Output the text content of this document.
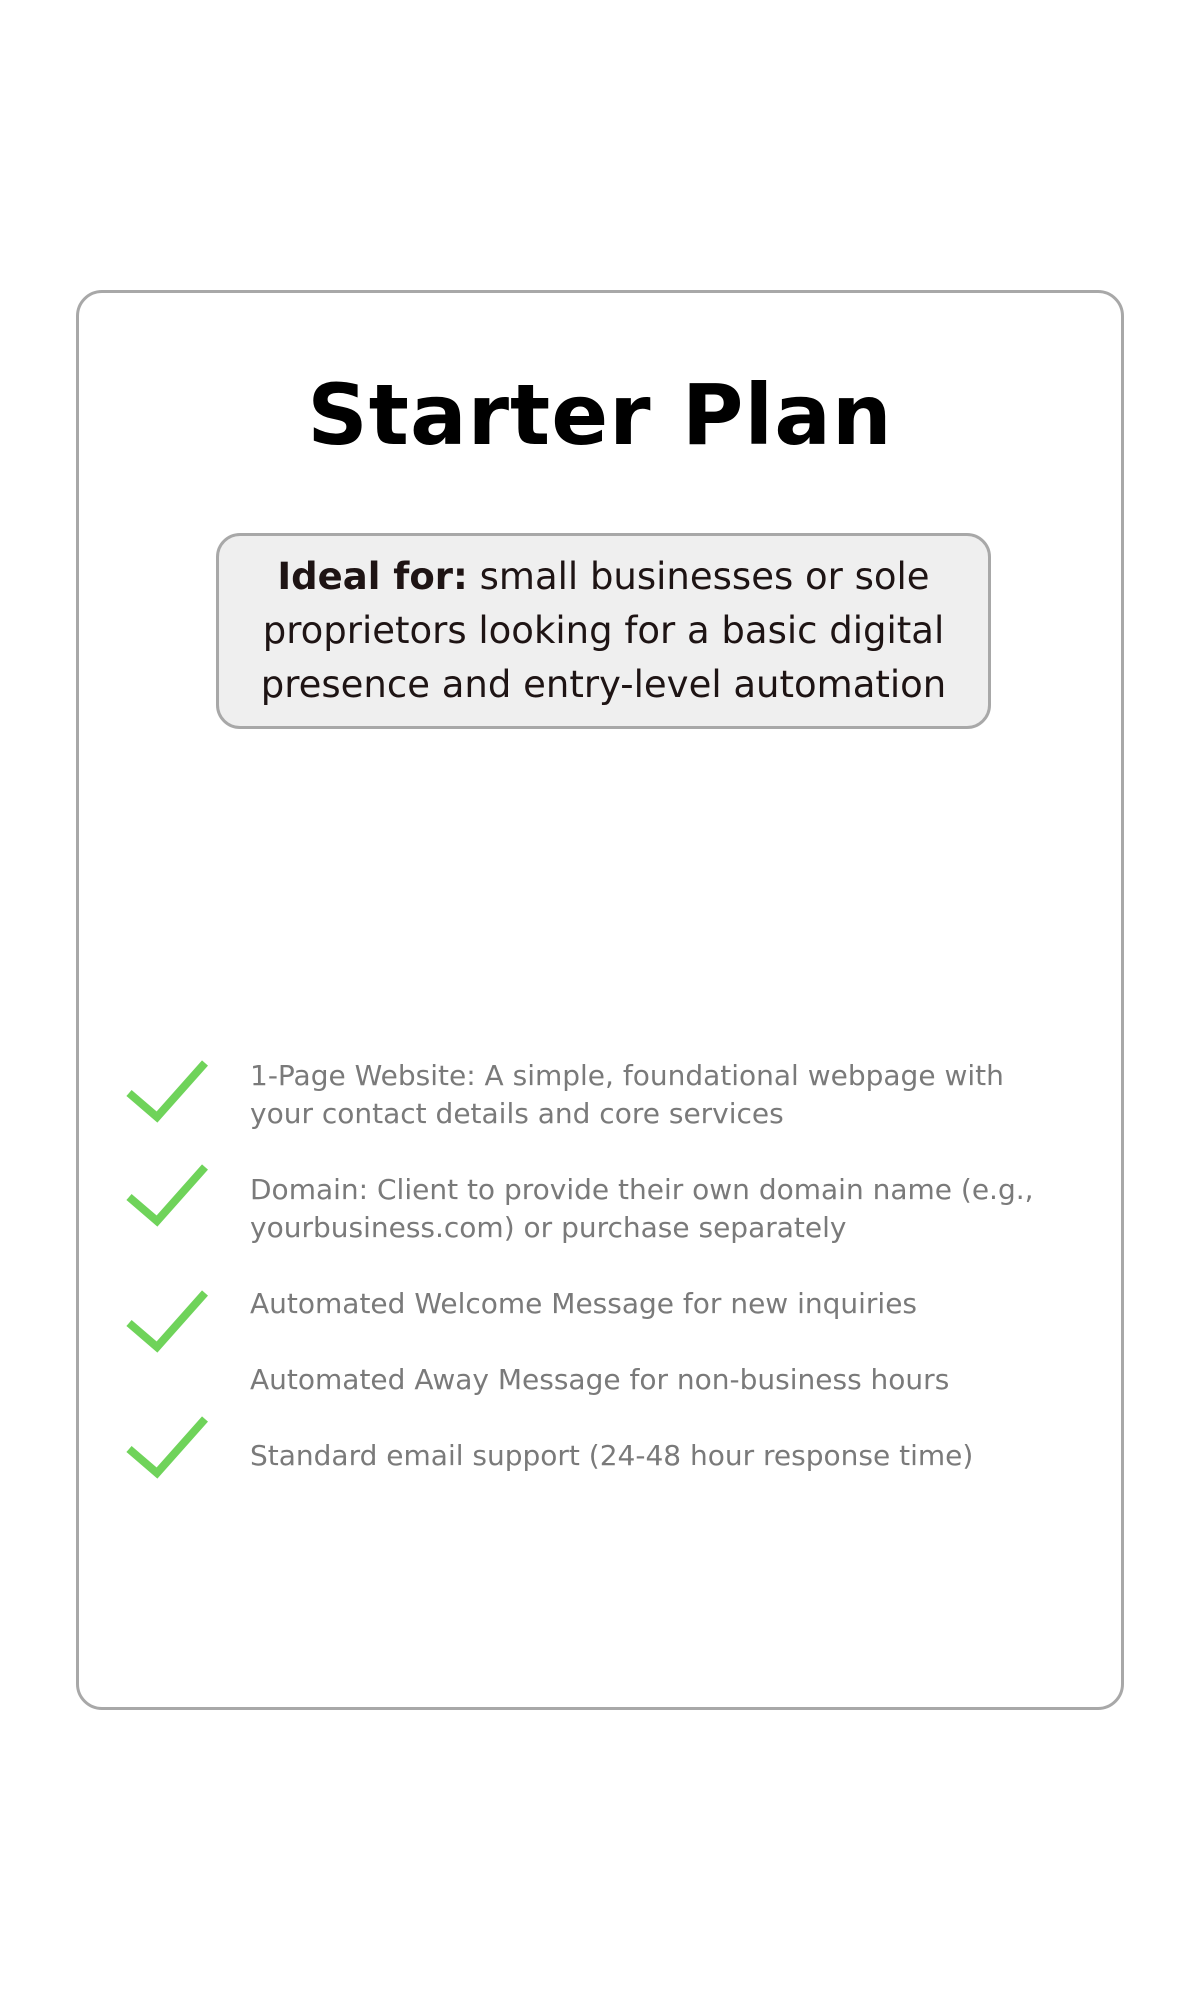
Starter Plan

Ideal for: small businesses or sole proprietors looking for a basic digital presence and entry-level automation

1-Page Website: A simple, foundational webpage with your contact details and core services
Domain: Client to provide their own domain name (e.g., yourbusiness.com) or purchase separately
Automated Welcome Message for new inquiries
Automated Away Message for non-business hours
Standard email support (24-48 hour response time)
